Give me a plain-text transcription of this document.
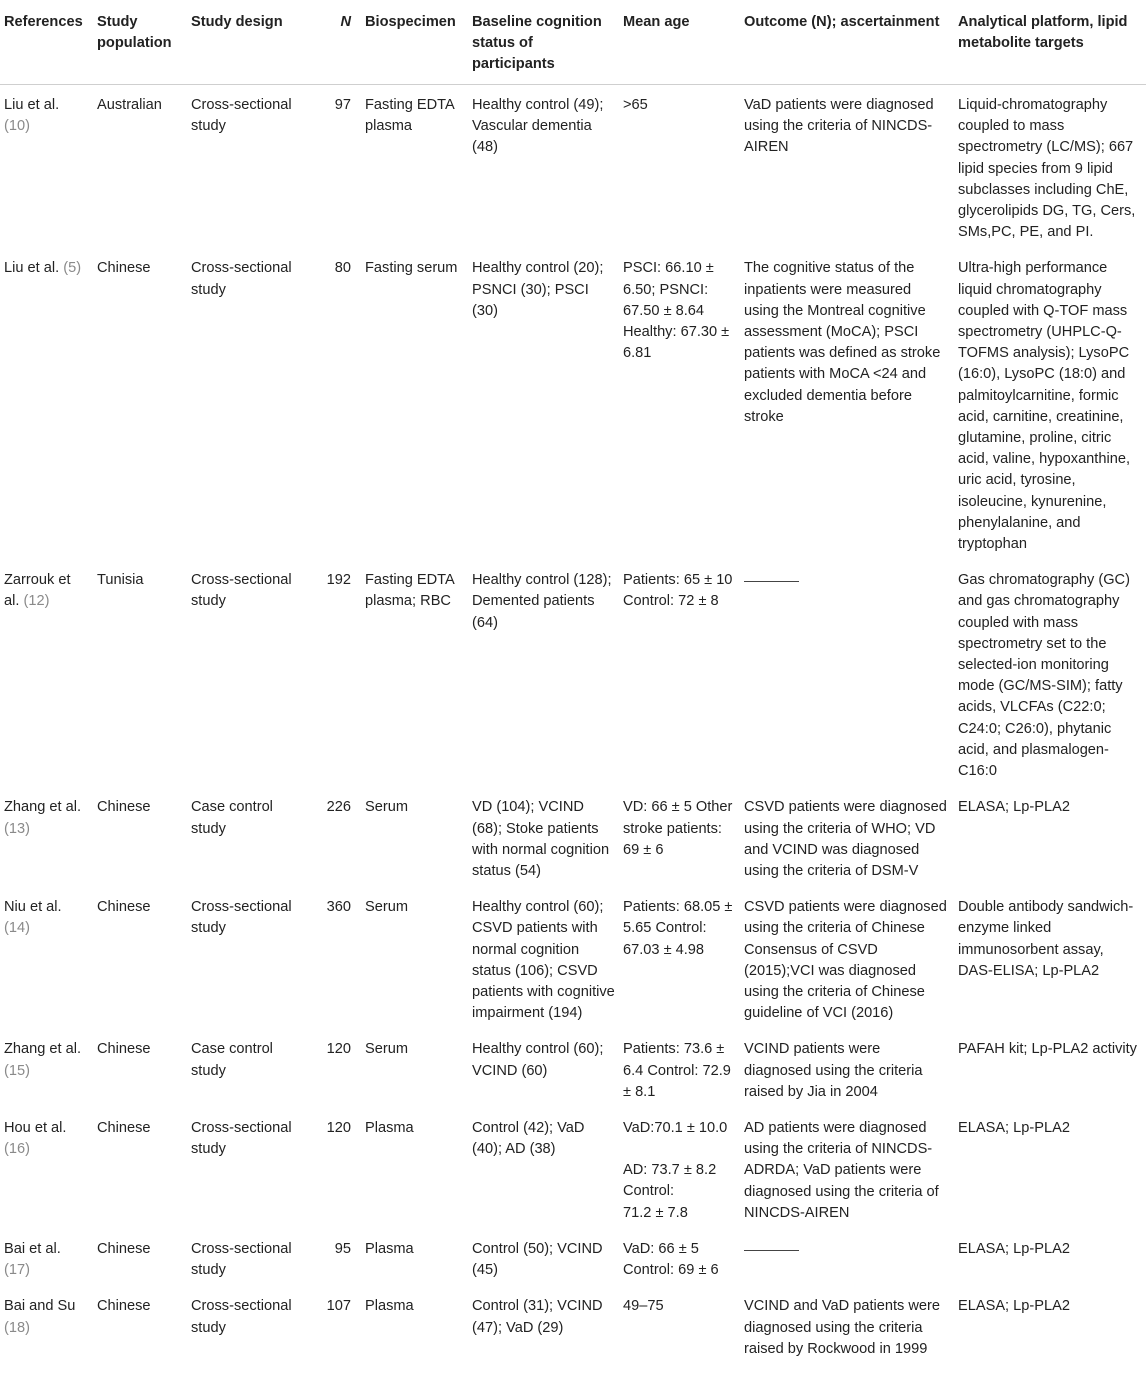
References	Study population	Study design	N	Biospecimen	Baseline cognition status of participants	Mean age	Outcome (N); ascertainment	Analytical platform, lipid metabolite targets
Liu et al. (10)	Australian	Cross-sectional study	97	Fasting EDTA plasma	Healthy control (49); Vascular dementia (48)	>65	VaD patients were diagnosed using the criteria of NINCDS-AIREN	Liquid-chromatography coupled to mass spectrometry (LC/MS); 667 lipid species from 9 lipid subclasses including ChE, glycerolipids DG, TG, Cers, SMs,PC, PE, and PI.
Liu et al. (5)	Chinese	Cross-sectional study	80	Fasting serum	Healthy control (20); PSNCI (30); PSCI (30)	PSCI: 66.10 ± 6.50; PSNCI: 67.50 ± 8.64 Healthy: 67.30 ± 6.81	The cognitive status of the inpatients were measured using the Montreal cognitive assessment (MoCA); PSCI patients was defined as stroke patients with MoCA <24 and excluded dementia before stroke	Ultra-high performance liquid chromatography coupled with Q-TOF mass spectrometry (UHPLC-Q-TOFMS analysis); LysoPC (16:0), LysoPC (18:0) and palmitoylcarnitine, formic acid, carnitine, creatinine, glutamine, proline, citric acid, valine, hypoxanthine, uric acid, tyrosine, isoleucine, kynurenine, phenylalanine, and tryptophan
Zarrouk et al. (12)	Tunisia	Cross-sectional study	192	Fasting EDTA plasma; RBC	Healthy control (128); Demented patients (64)	Patients: 65 ± 10 Control: 72 ± 8		Gas chromatography (GC) and gas chromatography coupled with mass spectrometry set to the selected-ion monitoring mode (GC/MS-SIM); fatty acids, VLCFAs (C22:0; C24:0; C26:0), phytanic acid, and plasmalogen-C16:0
Zhang et al. (13)	Chinese	Case control study	226	Serum	VD (104); VCIND (68); Stoke patients with normal cognition status (54)	VD: 66 ± 5 Other stroke patients: 69 ± 6	CSVD patients were diagnosed using the criteria of WHO; VD and VCIND was diagnosed using the criteria of DSM-V	ELASA; Lp-PLA2
Niu et al. (14)	Chinese	Cross-sectional study	360	Serum	Healthy control (60); CSVD patients with normal cognition status (106); CSVD patients with cognitive impairment (194)	Patients: 68.05 ± 5.65 Control: 67.03 ± 4.98	CSVD patients were diagnosed using the criteria of Chinese Consensus of CSVD (2015);VCI was diagnosed using the criteria of Chinese guideline of VCI (2016)	Double antibody sandwich-enzyme linked immunosorbent assay, DAS-ELISA; Lp-PLA2
Zhang et al. (15)	Chinese	Case control study	120	Serum	Healthy control (60); VCIND (60)	Patients: 73.6 ± 6.4 Control: 72.9 ± 8.1	VCIND patients were diagnosed using the criteria raised by Jia in 2004	PAFAH kit; Lp-PLA2 activity
Hou et al. (16)	Chinese	Cross-sectional study	120	Plasma	Control (42); VaD (40); AD (38)	VaD:70.1 ± 10.0
AD: 73.7 ± 8.2
Control:
71.2 ± 7.8	AD patients were diagnosed using the criteria of NINCDS-ADRDA; VaD patients were diagnosed using the criteria of NINCDS-AIREN	ELASA; Lp-PLA2
Bai et al. (17)	Chinese	Cross-sectional study	95	Plasma	Control (50); VCIND (45)	VaD: 66 ± 5 Control: 69 ± 6		ELASA; Lp-PLA2
Bai and Su (18)	Chinese	Cross-sectional study	107	Plasma	Control (31); VCIND (47); VaD (29)	49–75	VCIND and VaD patients were diagnosed using the criteria raised by Rockwood in 1999	ELASA; Lp-PLA2
